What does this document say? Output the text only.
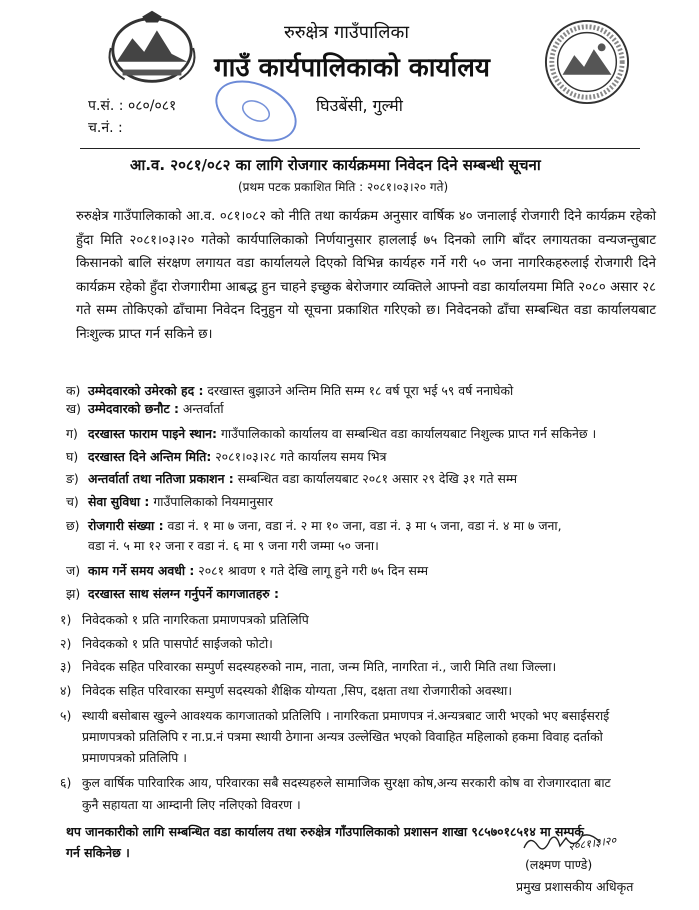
रुरुक्षेत्र गाउँपालिका
गाउँ कार्यपालिकाको कार्यालय
घिउबेंसी, गुल्मी
प.सं. : ०८०/०८१
च.नं. :
आ.व. २०८१/०८२ का लागि रोजगार कार्यक्रममा निवेदन दिने सम्बन्धी सूचना
(प्रथम पटक प्रकाशित मिति : २०८१।०३।२० गते)
रुरुक्षेत्र गाउँपालिकाको आ.व. ०८१।०८२ को नीति तथा कार्यक्रम अनुसार वार्षिक ४० जनालाई रोजगारी दिने कार्यक्रम रहेको हुँदा मिति २०८१।०३।२० गतेको कार्यपालिकाको निर्णयानुसार हाललाई ७५ दिनको लागि बाँदर लगायतका वन्यजन्तुबाट किसानको बालि संरक्षण लगायत वडा कार्यालयले दिएको विभिन्न कार्यहरु गर्ने गरी ५० जना नागरिकहरुलाई रोजगारी दिने कार्यक्रम रहेको हुँदा रोजगारीमा आबद्ध हुन चाहने इच्छुक बेरोजगार व्यक्तिले आफ्नो वडा कार्यालयमा मिति २०८० असार २८ गते सम्म तोकिएको ढाँचामा निवेदन दिनुहुन यो सूचना प्रकाशित गरिएको छ। निवेदनको ढाँचा सम्बन्धित वडा कार्यालयबाट निःशुल्क प्राप्त गर्न सकिने छ।
क) उम्मेदवारको उमेरको हद : दरखास्त बुझाउने अन्तिम मिति सम्म १८ वर्ष पूरा भई ५९ वर्ष ननाघेको
ख) उम्मेदवारको छनौट : अन्तर्वार्ता
ग) दरखास्त फाराम पाइने स्थान: गाउँपालिकाको कार्यालय वा सम्बन्धित वडा कार्यालयबाट निशुल्क प्राप्त गर्न सकिनेछ ।
घ) दरखास्त दिने अन्तिम मिति: २०८१।०३।२८ गते कार्यालय समय भित्र
ङ) अन्तर्वार्ता तथा नतिजा प्रकाशन : सम्बन्धित वडा कार्यालयबाट २०८१ असार २९ देखि ३१ गते सम्म
च) सेवा सुविधा : गाउँपालिकाको नियमानुसार
छ) रोजगारी संख्या : वडा नं. १ मा ७ जना, वडा नं. २ मा १० जना, वडा नं. ३ मा ५ जना, वडा नं. ४ मा ७ जना,
वडा नं. ५ मा १२ जना र वडा नं. ६ मा ९ जना गरी जम्मा ५० जना।
ज) काम गर्ने समय अवधी : २०८१ श्रावण १ गते देखि लागू हुने गरी ७५ दिन सम्म
झ) दरखास्त साथ संलग्न गर्नुपर्ने कागजातहरु :
१) निवेदकको १ प्रति नागरिकता प्रमाणपत्रको प्रतिलिपि
२) निवेदकको १ प्रति पासपोर्ट साईजको फोटो।
३) निवेदक सहित परिवारका सम्पुर्ण सदस्यहरुको नाम, नाता, जन्म मिति, नागरिता नं., जारी मिति तथा जिल्ला।
४) निवेदक सहित परिवारका सम्पुर्ण सदस्यको शैक्षिक योग्यता ,सिप, दक्षता तथा रोजगारीको अवस्था।
५) स्थायी बसोबास खुल्ने आवश्यक कागजातको प्रतिलिपि । नागरिकता प्रमाणपत्र नं.अन्यत्रबाट जारी भएको भए बसाईसराई
प्रमाणपत्रको प्रतिलिपि र ना.प्र.नं पत्रमा स्थायी ठेगाना अन्यत्र उल्लेखित भएको विवाहित महिलाको हकमा विवाह दर्ताको
प्रमाणपत्रको प्रतिलिपि ।
६) कुल वार्षिक पारिवारिक आय, परिवारका सबै सदस्यहरुले सामाजिक सुरक्षा कोष,अन्य सरकारी कोष वा रोजगारदाता बाट
कुनै सहायता या आम्दानी लिए नलिएको विवरण ।
थप जानकारीको लागि सम्बन्धित वडा कार्यालय तथा रुरुक्षेत्र गाँउपालिकाको प्रशासन शाखा ९८५७०१८५१४ मा सम्पर्क
गर्न सकिनेछ ।	२०८१।३।२०
(लक्ष्मण पाण्डे)
प्रमुख प्रशासकीय अधिकृत
